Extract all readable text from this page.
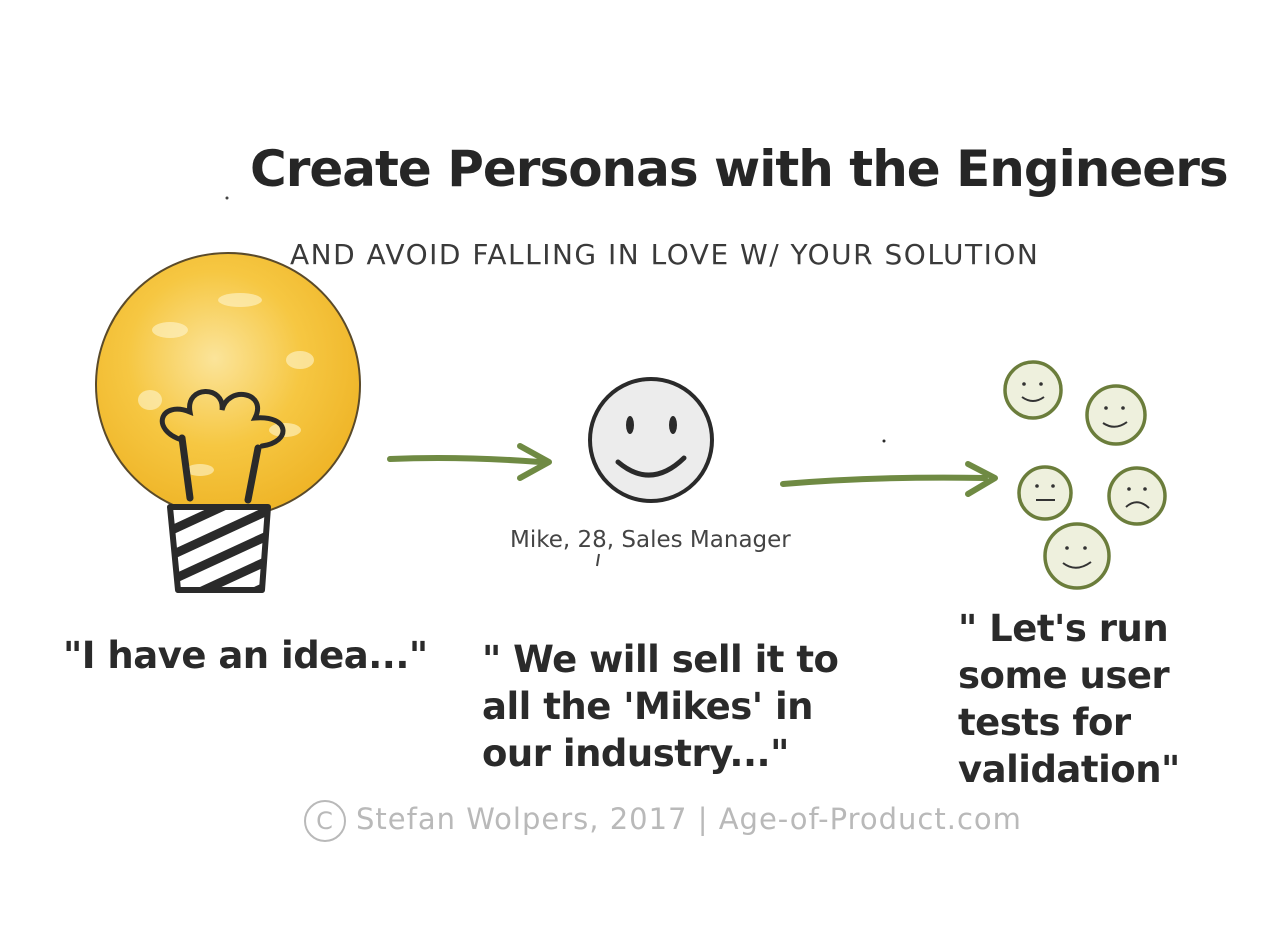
Create Personas with the Engineers

AND AVOID FALLING IN LOVE W/ YOUR SOLUTION

Mike, 28, Sales Manager

"I have an idea..." " We will sell it to
all the 'Mikes' in
our industry..."
" Let's run
some user
tests for
validation"
C Stefan Wolpers, 2017 | Age-of-Product.com
